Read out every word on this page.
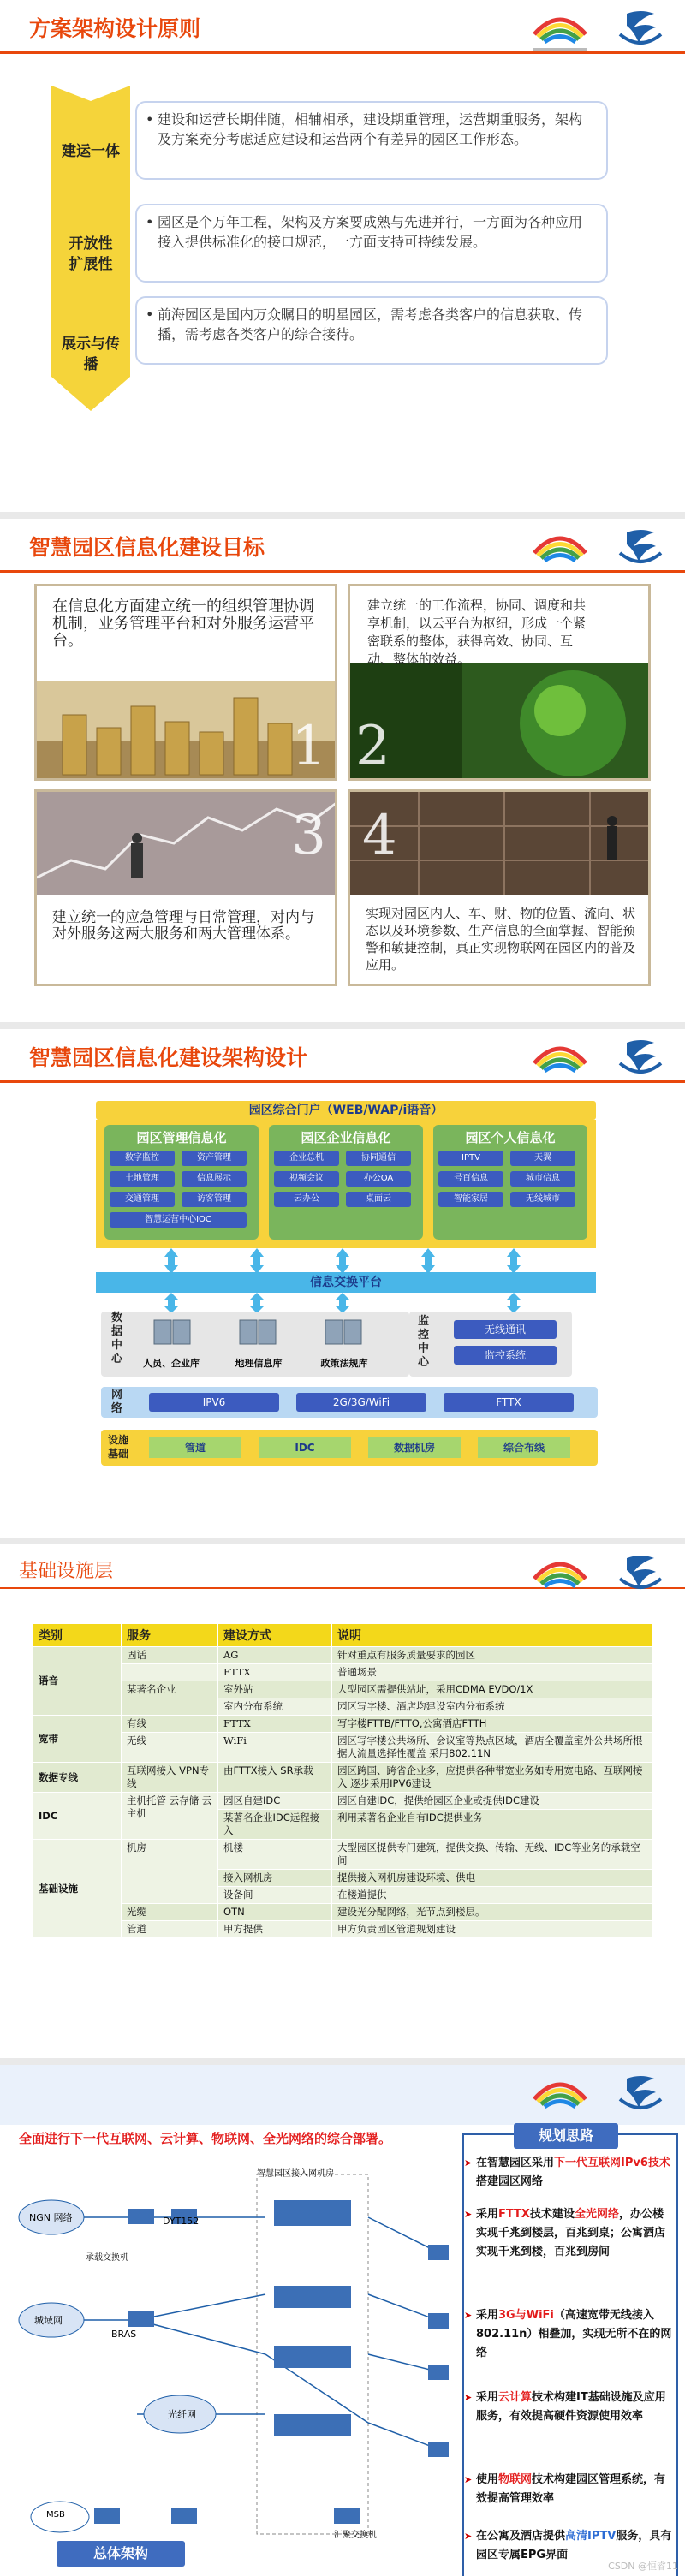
方案架构设计原则
建运一体
开放性
扩展性
展示与传
播
• 建设和运营长期伴随，相辅相承，建设期重管理，运营期重服务，架构及方案充分考虑适应建设和运营两个有差异的园区工作形态。
• 园区是个万年工程，架构及方案要成熟与先进并行，一方面为各种应用接入提供标准化的接口规范，一方面支持可持续发展。
• 前海园区是国内万众瞩目的明星园区，需考虑各类客户的信息获取、传播，需考虑各类客户的综合接待。
智慧园区信息化建设目标
在信息化方面建立统一的组织管理协调机制，业务管理平台和对外服务运营平台。
1
建立统一的工作流程，协同、调度和共享机制，以云平台为枢纽，形成一个紧密联系的整体，获得高效、协同、互动、整体的效益。
2
3
建立统一的应急管理与日常管理，对内与对外服务这两大服务和两大管理体系。
4
实现对园区内人、车、财、物的位置、流向、状态以及环境参数、生产信息的全面掌握、智能预警和敏捷控制，真正实现物联网在园区内的普及应用。
智慧园区信息化建设架构设计
园区综合门户（WEB/WAP/i语音）
园区管理信息化
数字监控	资产管理
土地管理	信息展示
交通管理	访客管理
智慧运营中心IOC
园区企业信息化
企业总机	协同通信
视频会议	办公OA
云办公	桌面云
园区个人信息化
IPTV	天翼
号百信息	城市信息
智能家居	无线城市
信息交换平台
数
据
中
心	人员、企业库	地理信息库	政策法规库
监
控
中
心
无线通讯
监控系统
网
络	IPV6	2G/3G/WiFi	FTTX
设施
基础	管道	IDC	数据机房	综合布线
基础设施层
类别	服务	建设方式	说明
语音	固话	AG	针对重点有服务质量要求的园区
		FTTX	普通场景
	某著名企业	室外站	大型园区需提供站址，采用CDMA EVDO/1X
		室内分布系统	园区写字楼、酒店均建设室内分布系统
宽带	有线	FTTX	写字楼FTTB/FTTO,公寓酒店FTTH
	无线	WiFi	园区写字楼公共场所、会议室等热点区域，酒店全覆盖室外公共场所根据人流量选择性覆盖 采用802.11N
数据专线	互联网接入 VPN专线	由FTTX接入 SR承载	园区跨国、跨省企业多，应提供各种带宽业务如专用宽电路、互联网接入 逐步采用IPV6建设
IDC	主机托管 云存储 云主机	园区自建IDC	园区自建IDC，提供给园区企业或提供IDC建设
		某著名企业IDC远程接入	利用某著名企业自有IDC提供业务
基础设施	机房	机楼	大型园区提供专门建筑，提供交换、传输、无线、IDC等业务的承载空间
		接入网机房	提供接入网机房建设环境、供电
		设备间	在楼道提供
	光缆	OTN	建设光分配网络，光节点到楼层。
	管道	甲方提供	甲方负责园区管道规划建设
全面进行下一代互联网、云计算、物联网、全光网络的综合部署。
NGN 网络
城域网
BRAS
光纤网
DYT152
智慧园区接入网机房
MSB
汇聚交换机
承载交换机
总体架构
规划思路
➤ 在智慧园区采用下一代互联网IPv6技术搭建园区网络
➤ 采用FTTX技术建设全光网络，办公楼实现千兆到楼层，百兆到桌；公寓酒店实现千兆到楼，百兆到房间
➤ 采用3G与WiFi（高速宽带无线接入802.11n）相叠加，实现无所不在的网络
➤ 采用云计算技术构建IT基础设施及应用服务，有效提高硬件资源使用效率
➤ 使用物联网技术构建园区管理系统，有效提高管理效率
➤ 在公寓及酒店提供高清IPTV服务，具有园区专属EPG界面
CSDN @恒睿11
